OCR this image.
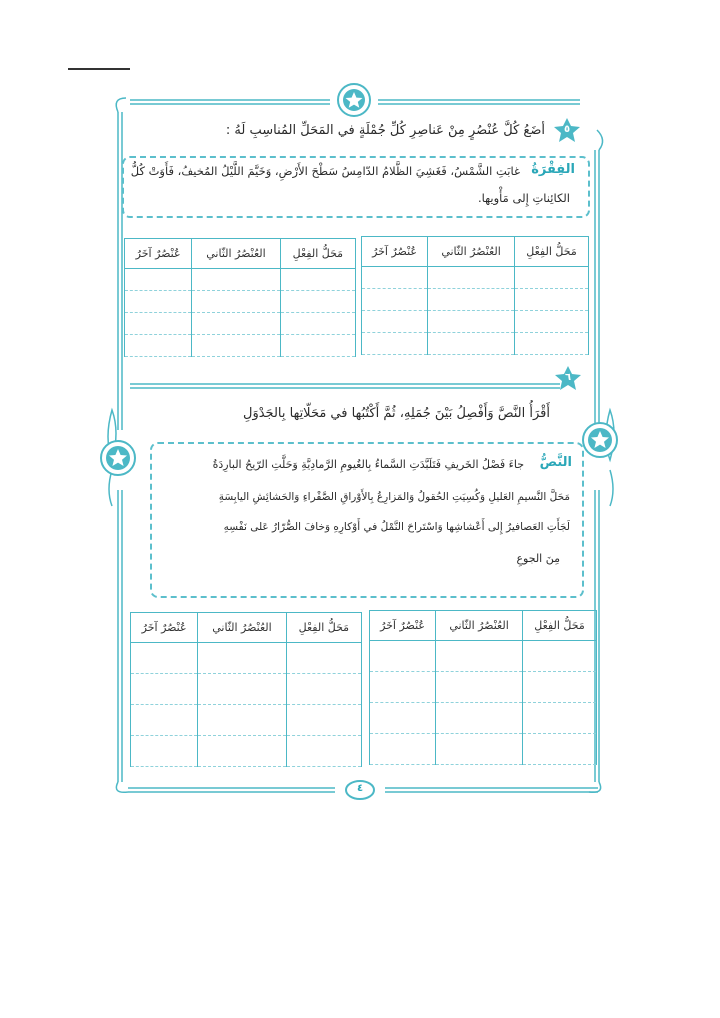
٥
٦
أضَعُ كُلَّ عُنْصُرٍ مِنْ عَناصِرِ كُلِّ جُمْلَةٍ في المَحَلِّ المُناسِبِ لَهُ :
الفِقْرَةُ
غابَتِ الشَّمْسُ، فَغَشِيَ الظَّلامُ الدّامِسُ سَطْحَ الأَرْضِ، وَخَيَّمَ اللَّيْلُ المُخيفُ، فَأَوَتْ كُلُّ
الكائِناتِ إِلى مَأْويها.
مَحَلُّ الفِعْلِ	العُنْصُرُ الثّاني	عُنْصُرٌ آخَرُ

مَحَلُّ الفِعْلِ	العُنْصُرُ الثّاني	عُنْصُرٌ آخَرُ

أَقْرَأُ النَّصَّ وَأَفْصِلُ بَيْنَ جُمَلِهِ، ثُمَّ أَكْتُبُها في مَحَلّاتِها بِالجَدْوَلِ
النَّصُّ
جاءَ فَصْلُ الخَريفِ فَتَلَبَّدَتِ السَّماءُ بِالغُيومِ الرَّمادِيَّةِ وَحَلَّتِ الرّيحُ البارِدَةُ
مَحَلَّ النَّسيمِ العَليلِ وَكُسِيَتِ الحُقولُ وَالمَزارِعُ بِالأَوْراقِ الصَّفْراءِ وَالحَشائِشِ اليابِسَةِ
لَجَأَتِ العَصافيرُ إِلى أَعْشاشِها وَاسْتَراحَ النَّمْلُ في أَوْكارِهِ وَخافَ الصُّرّارُ عَلى نَفْسِهِ
مِنَ الجوعِ
مَحَلُّ الفِعْلِ	العُنْصُرُ الثّاني	عُنْصُرٌ آخَرُ

مَحَلُّ الفِعْلِ	العُنْصُرُ الثّاني	عُنْصُرٌ آخَرُ

٤
